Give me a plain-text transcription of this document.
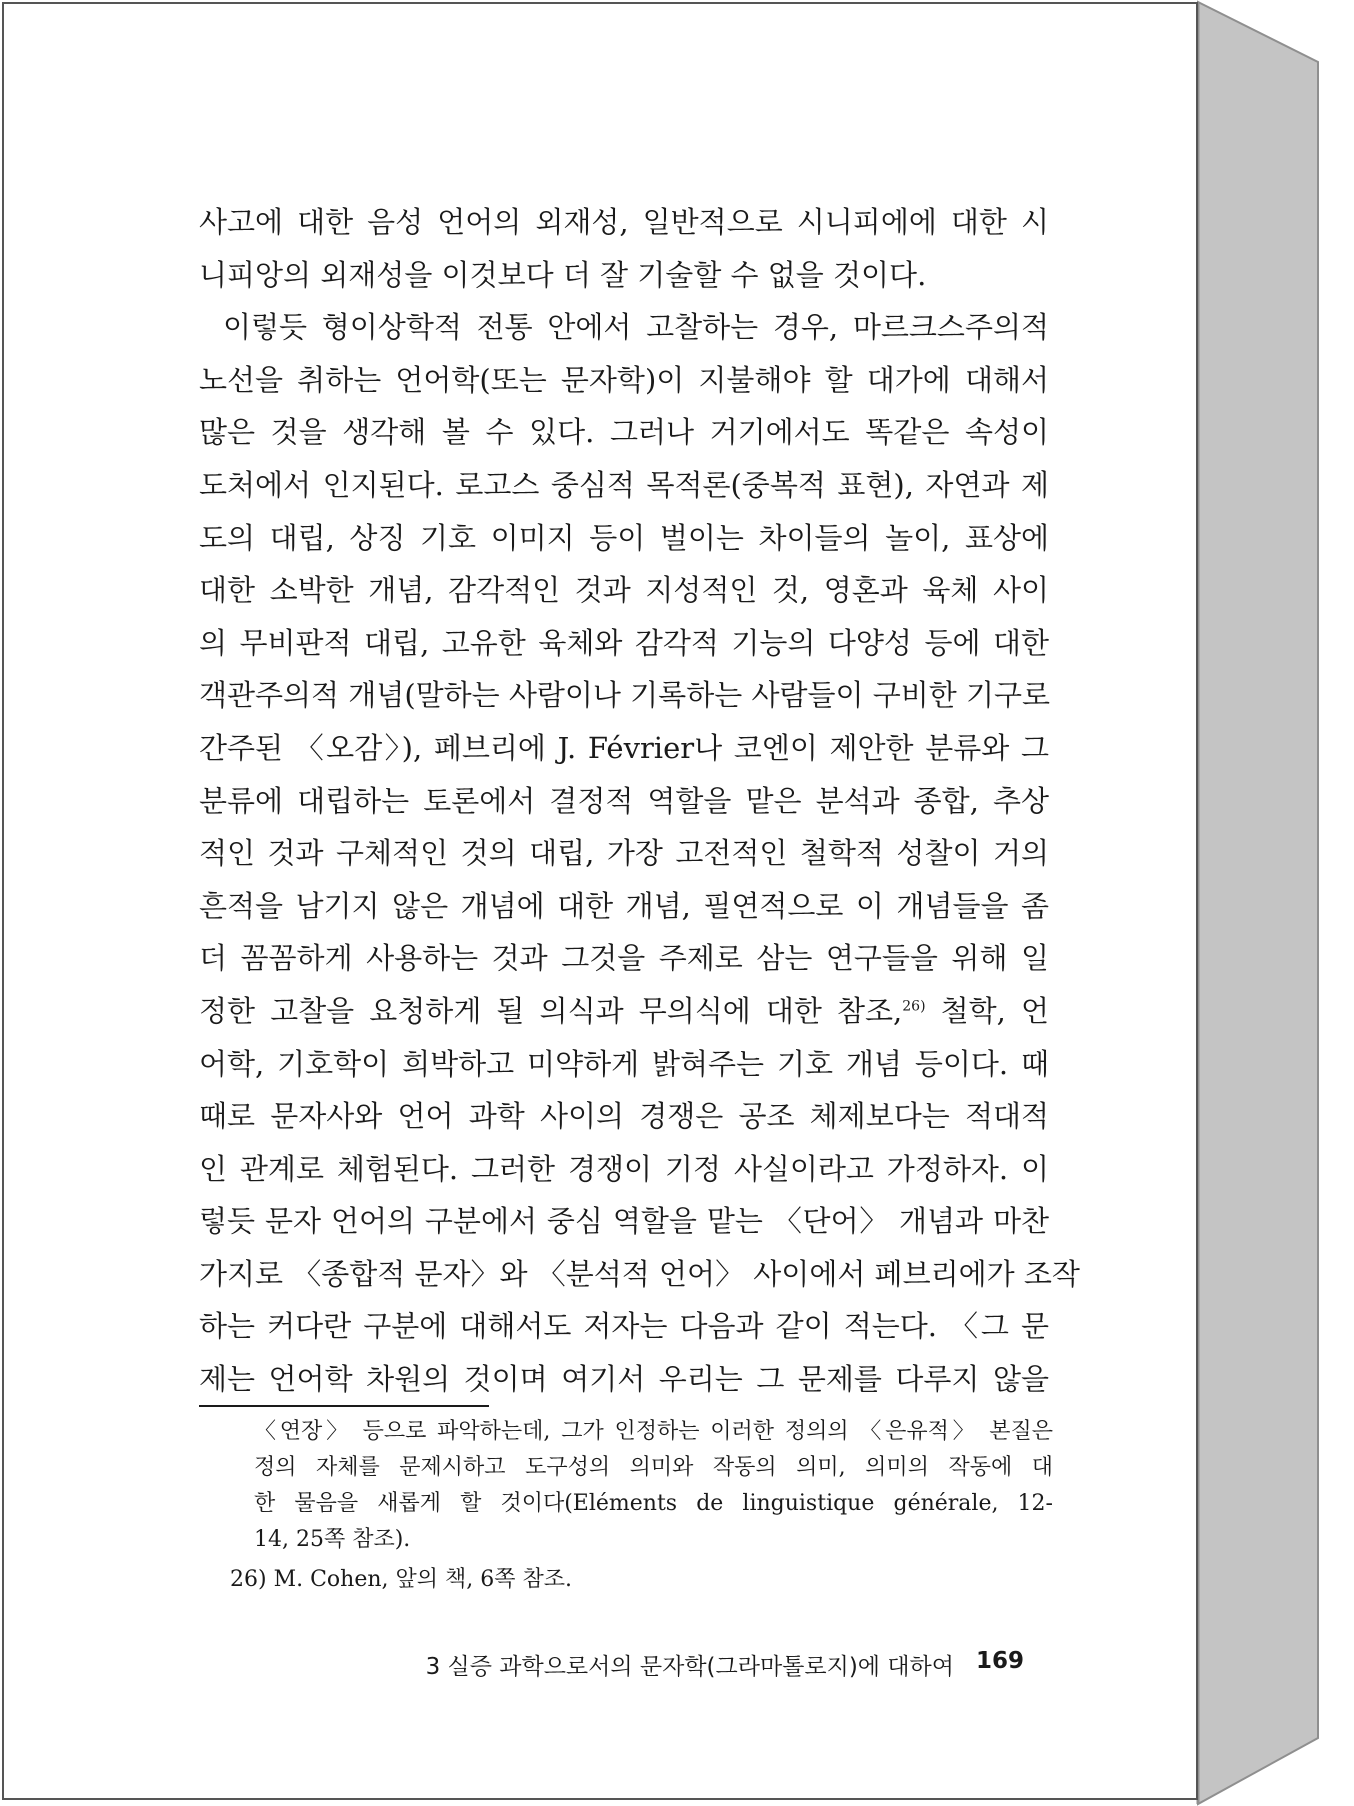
사고에 대한 음성 언어의 외재성, 일반적으로 시니피에에 대한 시
니피앙의 외재성을 이것보다 더 잘 기술할 수 없을 것이다.
이렇듯 형이상학적 전통 안에서 고찰하는 경우, 마르크스주의적
노선을 취하는 언어학(또는 문자학)이 지불해야 할 대가에 대해서
많은 것을 생각해 볼 수 있다. 그러나 거기에서도 똑같은 속성이
도처에서 인지된다. 로고스 중심적 목적론(중복적 표현), 자연과 제
도의 대립, 상징 기호 이미지 등이 벌이는 차이들의 놀이, 표상에
대한 소박한 개념, 감각적인 것과 지성적인 것, 영혼과 육체 사이
의 무비판적 대립, 고유한 육체와 감각적 기능의 다양성 등에 대한
객관주의적 개념(말하는 사람이나 기록하는 사람들이 구비한 기구로
간주된 〈오감〉), 페브리에 J. Février나 코엔이 제안한 분류와 그
분류에 대립하는 토론에서 결정적 역할을 맡은 분석과 종합, 추상
적인 것과 구체적인 것의 대립, 가장 고전적인 철학적 성찰이 거의
흔적을 남기지 않은 개념에 대한 개념, 필연적으로 이 개념들을 좀
더 꼼꼼하게 사용하는 것과 그것을 주제로 삼는 연구들을 위해 일
정한 고찰을 요청하게 될 의식과 무의식에 대한 참조,$^{26)}$ 철학, 언
어학, 기호학이 희박하고 미약하게 밝혀주는 기호 개념 등이다. 때
때로 문자사와 언어 과학 사이의 경쟁은 공조 체제보다는 적대적
인 관계로 체험된다. 그러한 경쟁이 기정 사실이라고 가정하자. 이
렇듯 문자 언어의 구분에서 중심 역할을 맡는 〈단어〉 개념과 마찬
가지로 〈종합적 문자〉와 〈분석적 언어〉 사이에서 페브리에가 조작
하는 커다란 구분에 대해서도 저자는 다음과 같이 적는다. 〈그 문
제는 언어학 차원의 것이며 여기서 우리는 그 문제를 다루지 않을
〈연장〉 등으로 파악하는데, 그가 인정하는 이러한 정의의 〈은유적〉 본질은
정의 자체를 문제시하고 도구성의 의미와 작동의 의미, 의미의 작동에 대
한 물음을 새롭게 할 것이다(Eléments de linguistique générale, 12-
14, 25쪽 참조).
26) M. Cohen, 앞의 책, 6쪽 참조.
3 실증 과학으로서의 문자학(그라마톨로지)에 대하여 169
